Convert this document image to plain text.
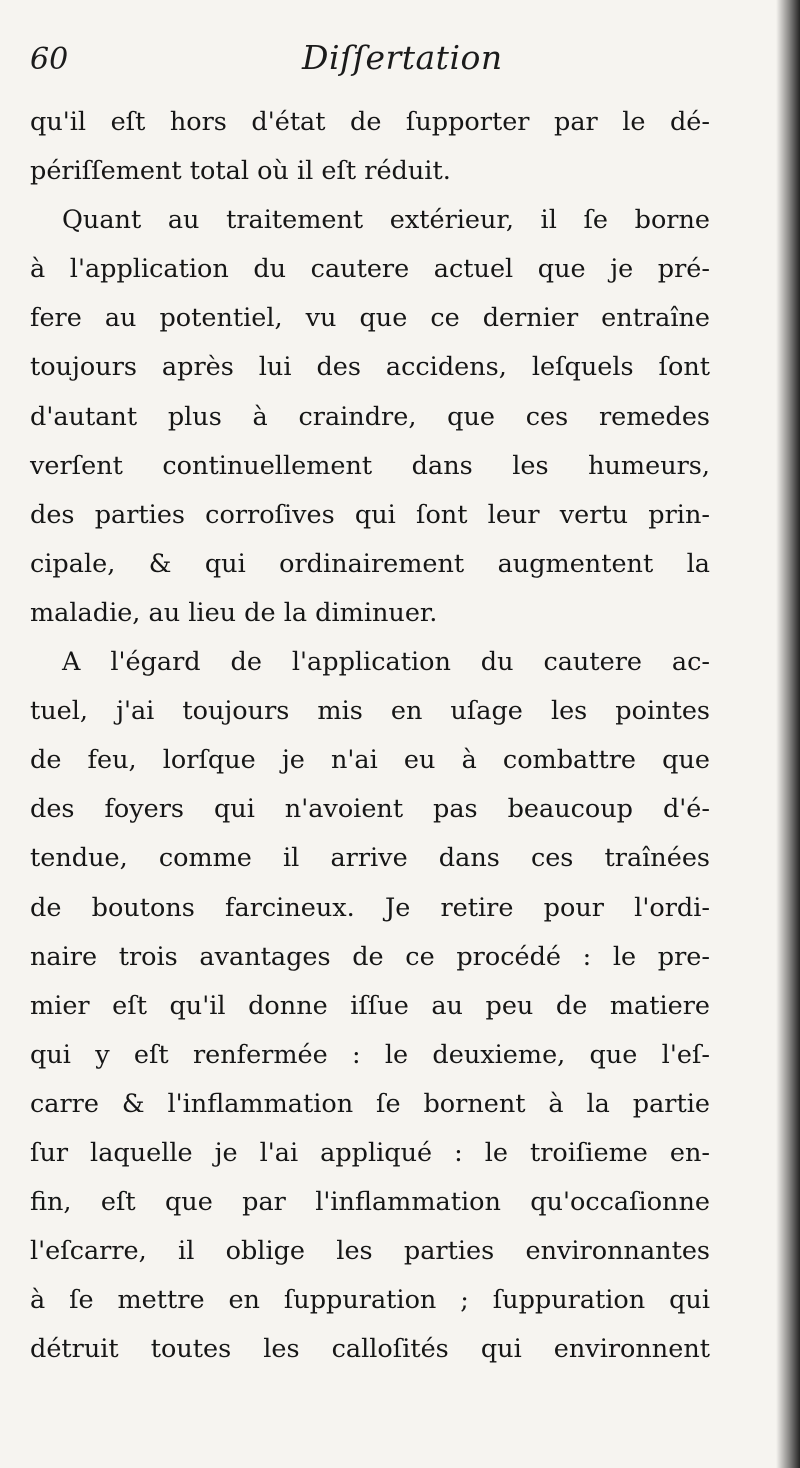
60	Diſſertation
qu'il eſt hors d'état de ſupporter par le dé-
périſſement total où il eſt réduit.
Quant au traitement extérieur, il ſe borne
à l'application du cautere actuel que je pré-
fere au potentiel, vu que ce dernier entraîne
toujours après lui des accidens, leſquels ſont
d'autant plus à craindre, que ces remedes
verſent continuellement dans les humeurs,
des parties corroſives qui ſont leur vertu prin-
cipale, & qui ordinairement augmentent la
maladie, au lieu de la diminuer.
A l'égard de l'application du cautere ac-
tuel, j'ai toujours mis en uſage les pointes
de feu, lorſque je n'ai eu à combattre que
des foyers qui n'avoient pas beaucoup d'é-
tendue, comme il arrive dans ces traînées
de boutons farcineux. Je retire pour l'ordi-
naire trois avantages de ce procédé : le pre-
mier eſt qu'il donne iſſue au peu de matiere
qui y eſt renfermée : le deuxieme, que l'eſ-
carre & l'inflammation ſe bornent à la partie
ſur laquelle je l'ai appliqué : le troiſieme en-
fin, eſt que par l'inflammation qu'occaſionne
l'eſcarre, il oblige les parties environnantes
à ſe mettre en ſuppuration ; ſuppuration qui
détruit toutes les calloſités qui environnent
